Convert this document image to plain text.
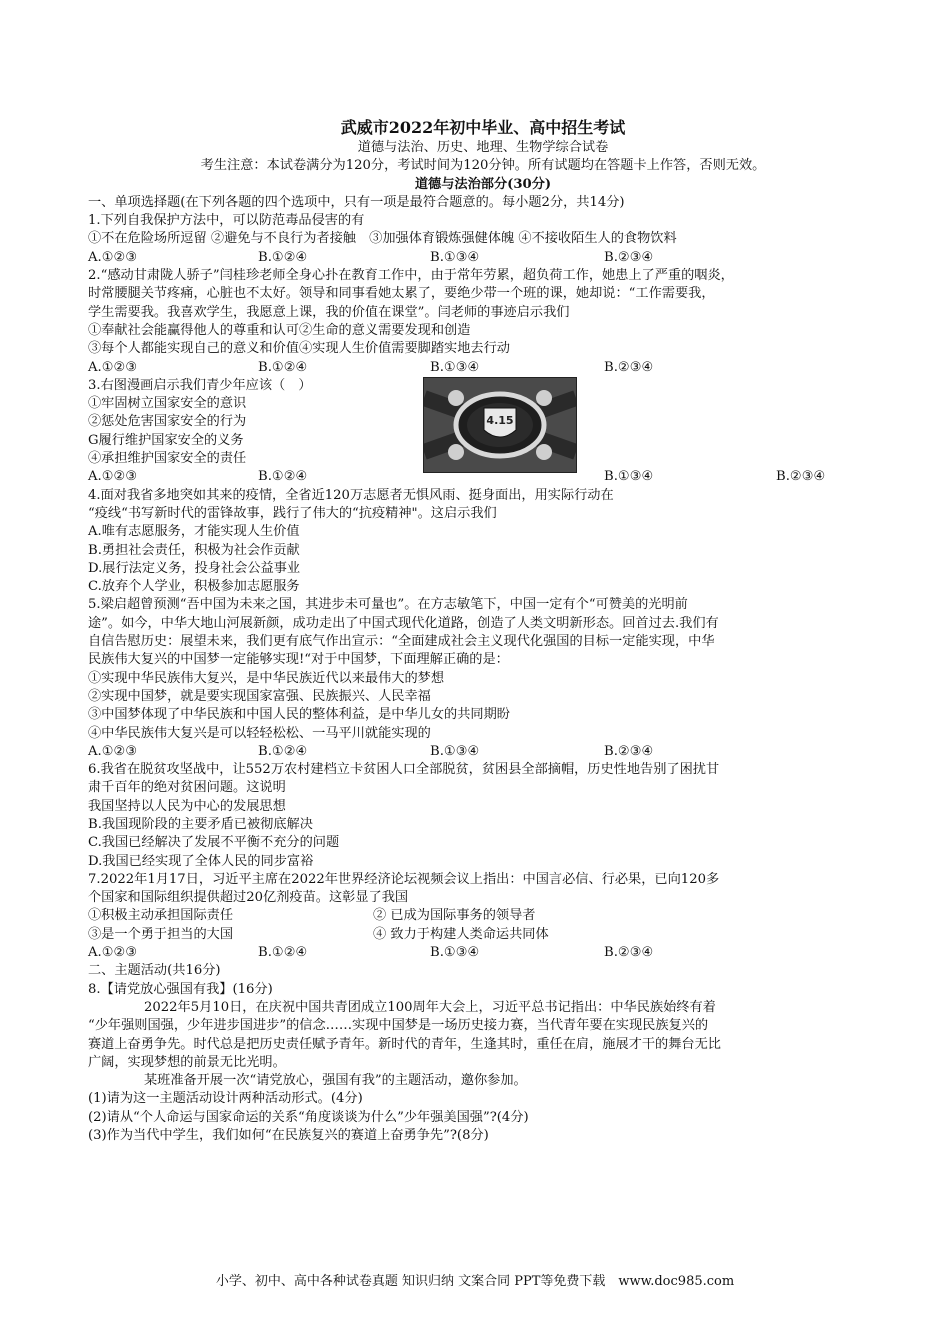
武威市2022年初中毕业、高中招生考试
道德与法治、历史、地理、生物学综合试卷
考生注意：本试卷满分为120分，考试时间为120分钟。所有试题均在答题卡上作答，否则无效。
道德与法治部分(30分)
一、单项选择题(在下列各题的四个选项中，只有一项是最符合题意的。每小题2分，共14分)
1.下列自我保护方法中，可以防范毒品侵害的有
①不在危险场所逗留 ②避免与不良行为者接触　③加强体育锻炼强健体魄 ④不接收陌生人的食物饮料
A.①②③	B.①②④	B.①③④	B.②③④
2.“感动甘肃陇人骄子”闫桂珍老师全身心扑在教育工作中，由于常年劳累，超负荷工作，她患上了严重的咽炎，
时常腰腿关节疼痛，心脏也不太好。领导和同事看她太累了，要绝少带一个班的课，她却说：“工作需要我，
学生需要我。我喜欢学生，我愿意上课，我的价值在课堂”。闫老师的事迹启示我们
①奉献社会能赢得他人的尊重和认可②生命的意义需要发现和创造
③每个人都能实现自己的意义和价值④实现人生价值需要脚踏实地去行动
A.①②③	B.①②④	B.①③④	B.②③④
3.右图漫画启示我们青少年应该（　）
①牢固树立国家安全的意识
②惩处危害国家安全的行为
G履行维护国家安全的义务
④承担维护国家安全的责任
A.①②③	B.①②④	B.①③④	B.②③④
4.面对我省多地突如其来的疫情，全省近120万志愿者无惧风雨、挺身面出，用实际行动在
“疫线“书写新时代的雷锋故事，践行了伟大的“抗疫精神"。这启示我们
A.唯有志愿服务，才能实现人生价值
B.勇担社会责任，积极为社会作贡献
D.展行法定义务，投身社会公益事业
C.放弃个人学业，积极参加志愿服务
5.梁启超曾预测“吾中国为未来之国，其进步未可量也”。在方志敏笔下，中国一定有个“可赞美的光明前
途”。如今，中华大地山河展新颜，成功走出了中国式现代化道路，创造了人类文明新形态。回首过去.我们有
自信告慰历史：展望未来，我们更有底气作出宣示：“全面建成社会主义现代化强国的目标一定能实现，中华
民族伟大复兴的中国梦一定能够实现!“对于中国梦，下面理解正确的是：
①实现中华民族伟大复兴，是中华民族近代以来最伟大的梦想
②实现中国梦，就是要实现国家富强、民族振兴、人民幸福
③中国梦体现了中华民族和中国人民的整体利益，是中华儿女的共同期盼
④中华民族伟大复兴是可以轻轻松松、一马平川就能实现的
A.①②③	B.①②④	B.①③④	B.②③④
6.我省在脱贫攻坚战中，让552万农村建档立卡贫困人口全部脱贫，贫困县全部摘帽，历史性地告别了困扰甘
肃千百年的绝对贫困问题。这说明
我国坚持以人民为中心的发展思想
B.我国现阶段的主要矛盾已被彻底解决
C.我国已经解决了发展不平衡不充分的问题
D.我国已经实现了全体人民的同步富裕
7.2022年1月17日，习近平主席在2022年世界经济论坛视频会议上指出：中国言必信、行必果，已向120多
个国家和国际组织提供超过20亿剂疫苗。这彰显了我国
①积极主动承担国际责任	② 已成为国际事务的领导者
③是一个勇于担当的大国	④ 致力于构建人类命运共同体
A.①②③	B.①②④	B.①③④	B.②③④
二、主题活动(共16分)
8.【请党放心强国有我】(16分)
2022年5月10日，在庆祝中国共青团成立100周年大会上，习近平总书记指出：中华民族始终有着
“少年强则国强，少年进步国进步”的信念……实现中国梦是一场历史接力赛，当代青年要在实现民族复兴的
赛道上奋勇争先。时代总是把历史责任赋予青年。新时代的青年，生逢其时，重任在肩，施展才干的舞台无比
广阔，实现梦想的前景无比光明。
某班准备开展一次“请党放心，强国有我”的主题活动，邀你参加。
(1)请为这一主题活动设计两种活动形式。(4分)
(2)请从“个人命运与国家命运的关系“角度谈谈为什么”少年强美国强”?(4分)
(3)作为当代中学生，我们如何“在民族复兴的赛道上奋勇争先”?(8分)
4.15
小学、初中、高中各种试卷真题 知识归纳 文案合同 PPT等免费下载　www.doc985.com
